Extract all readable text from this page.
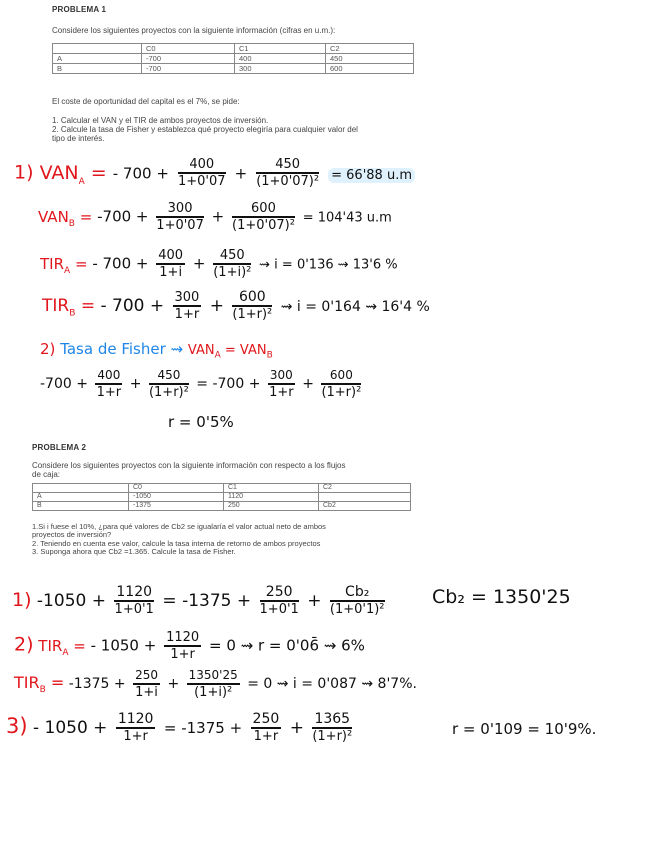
PROBLEMA 1
Considere los siguientes proyectos con la siguiente información (cifras en u.m.):
	C0	C1	C2
A	-700	400	450
B	-700	300	600
El coste de oportunidad del capital es el 7%, se pide:
1. Calcular el VAN y el TIR de ambos proyectos de inversión.
2. Calcule la tasa de Fisher y establezca qué proyecto elegiría para cualquier valor del
tipo de interés.
1) $VAN_A$ = - $700 + \frac{400}{1+0'07} + \frac{450}{\text{(1+0'07)²}} = 66'88$ u.m
$VAN_B = -700 + \frac{300}{1+0'07} + \frac{600}{\text{(1+0'07)²}} = 104'43$ u.m
$TIR_A$ = - $700 + \frac{400}{1+i} + \frac{450}{\text{(1+i)²}}$ ⇝ i = 0'136 ⇝ 13'6 %
$TIR_B$ = - $700 + \frac{300}{1+r} + \frac{600}{\text{(1+r)²}}$ ⇝ i = 0'164 ⇝ 16'4 %
2) Tasa de Fisher ⇝ $VAN_A = VAN_B$
$-700 + \frac{400}{1+r} + \frac{450}{\text{(1+r)²}} = -700 + \frac{300}{1+r} + \frac{600}{\text{(1+r)²}}$
r = 0'5%
PROBLEMA 2
Considere los siguientes proyectos con la siguiente información con respecto a los flujos
de caja:
	C0	C1	C2
A	-1050	1120	
B	-1375	250	Cb2
1.Si i fuese el 10%, ¿para qué valores de Cb2 se igualaría el valor actual neto de ambos
proyectos de inversión?
2. Teniendo en cuenta ese valor, calcule la tasa interna de retorno de ambos proyectos
3. Suponga ahora que Cb2 =1.365. Calcule la tasa de Fisher.
1) $-1050 + \frac{1120}{1+0'1} = -1375 + \frac{250}{1+0'1} + \frac{\text{Cb₂}}{\text{(1+0'1)²}} Cb_2 = 1350'25$
2) $TIR_A$ = - $1050 + \frac{1120}{1+r} = 0$ ⇝ r = 0'06̄ ⇝ 6%
$TIR_B = -1375 + \frac{250}{1+i} + \frac{1350'25}{\text{(1+i)²}} = 0$ ⇝ i = 0'087 ⇝ 8'7%.
$3) - 1050 + \frac{1120}{1+r} = -1375 + \frac{250}{1+r} + \frac{1365}{\text{(1+r)²}}$	r = 0'109 = 10'9%.
